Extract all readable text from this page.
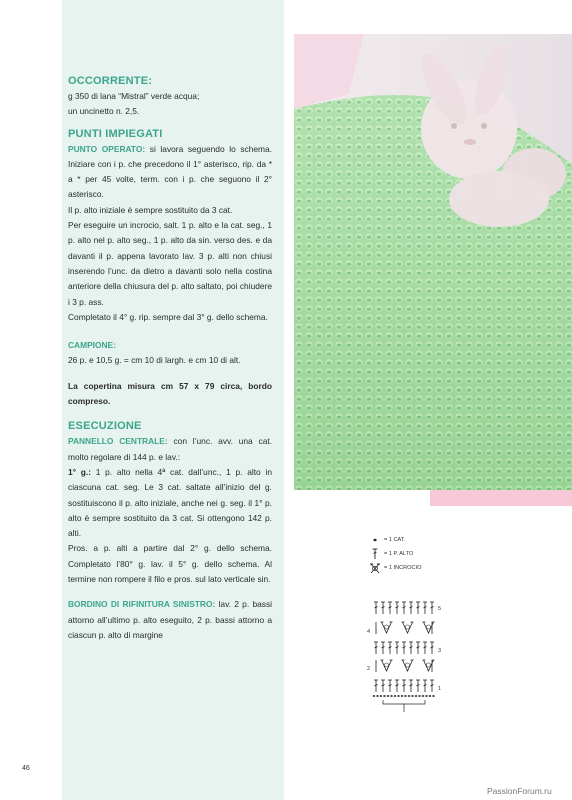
OCCORRENTE:

g 350 di lana “Mistral” verde acqua;

un uncinetto n. 2,5.

PUNTI IMPIEGATI

PUNTO OPERATO: si lavora seguendo lo schema. Iniziare con i p. che precedono il 1° asterisco, rip. da * a * per 45 volte, term. con i p. che seguono il 2° asterisco.

Il p. alto iniziale è sempre sostituito da 3 cat.

Per eseguire un incrocio, salt. 1 p. alto e la cat. seg., 1 p. alto nel p. alto seg., 1 p. alto da sin. verso des. e da davanti il p. appena lavorato lav. 3 p. alti non chiusi inserendo l’unc. da dietro a davanti solo nella costina anteriore della chiusura del p. alto saltato, poi chiudere i 3 p. ass.

Completato il 4° g. rip. sempre dal 3° g. dello schema.

CAMPIONE:

26 p. e 10,5 g. = cm 10 di largh. e cm 10 di alt.

La copertina misura cm 57 x 79 circa, bordo compreso.

ESECUZIONE

PANNELLO CENTRALE: con l’unc. avv. una cat. molto regolare di 144 p. e lav.:

1° g.: 1 p. alto nella 4ª cat. dall’unc., 1 p. alto in ciascuna cat. seg. Le 3 cat. saltate all’inizio del g. sostituiscono il p. alto iniziale, anche nei g. seg. il 1° p. alto è sempre sostituito da 3 cat. Si ottengono 142 p. alti.

Pros. a p. alti a partire dal 2° g. dello schema. Completato l’80° g. lav. il 5° g. dello schema. Al termine non rompere il filo e pros. sul lato verticale sin.

BORDINO DI RIFINITURA SINISTRO: lav. 2 p. bassi attorno all’ultimo p. alto eseguito, 2 p. bassi attorno a ciascun p. alto di margine

= 1 CAT.
= 1 P. ALTO
= 1 INCROCIO
5
3
1
4
2
46
PassionForum.ru
